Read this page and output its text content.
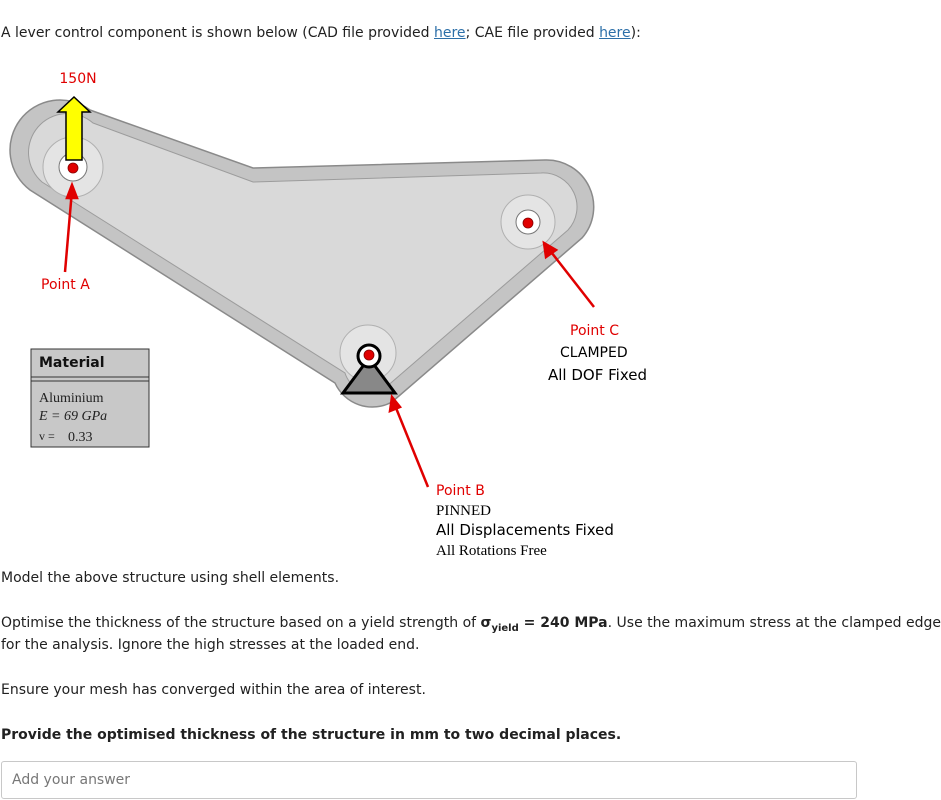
A lever control component is shown below (CAD file provided here; CAE file provided here):

150N
Point A
Point C
CLAMPED
All DOF Fixed
Point B
PINNED
All Displacements Fixed
All Rotations Free
Material
Aluminium
E = 69 GPa
v = 0.33

Model the above structure using shell elements.

Optimise the thickness of the structure based on a yield strength of $\sigma_{yield} = 240$ MPa. Use the maximum stress at the clamped edge

for the analysis. Ignore the high stresses at the loaded end.

Ensure your mesh has converged within the area of interest.

Provide the optimised thickness of the structure in mm to two decimal places.

Add your answer
